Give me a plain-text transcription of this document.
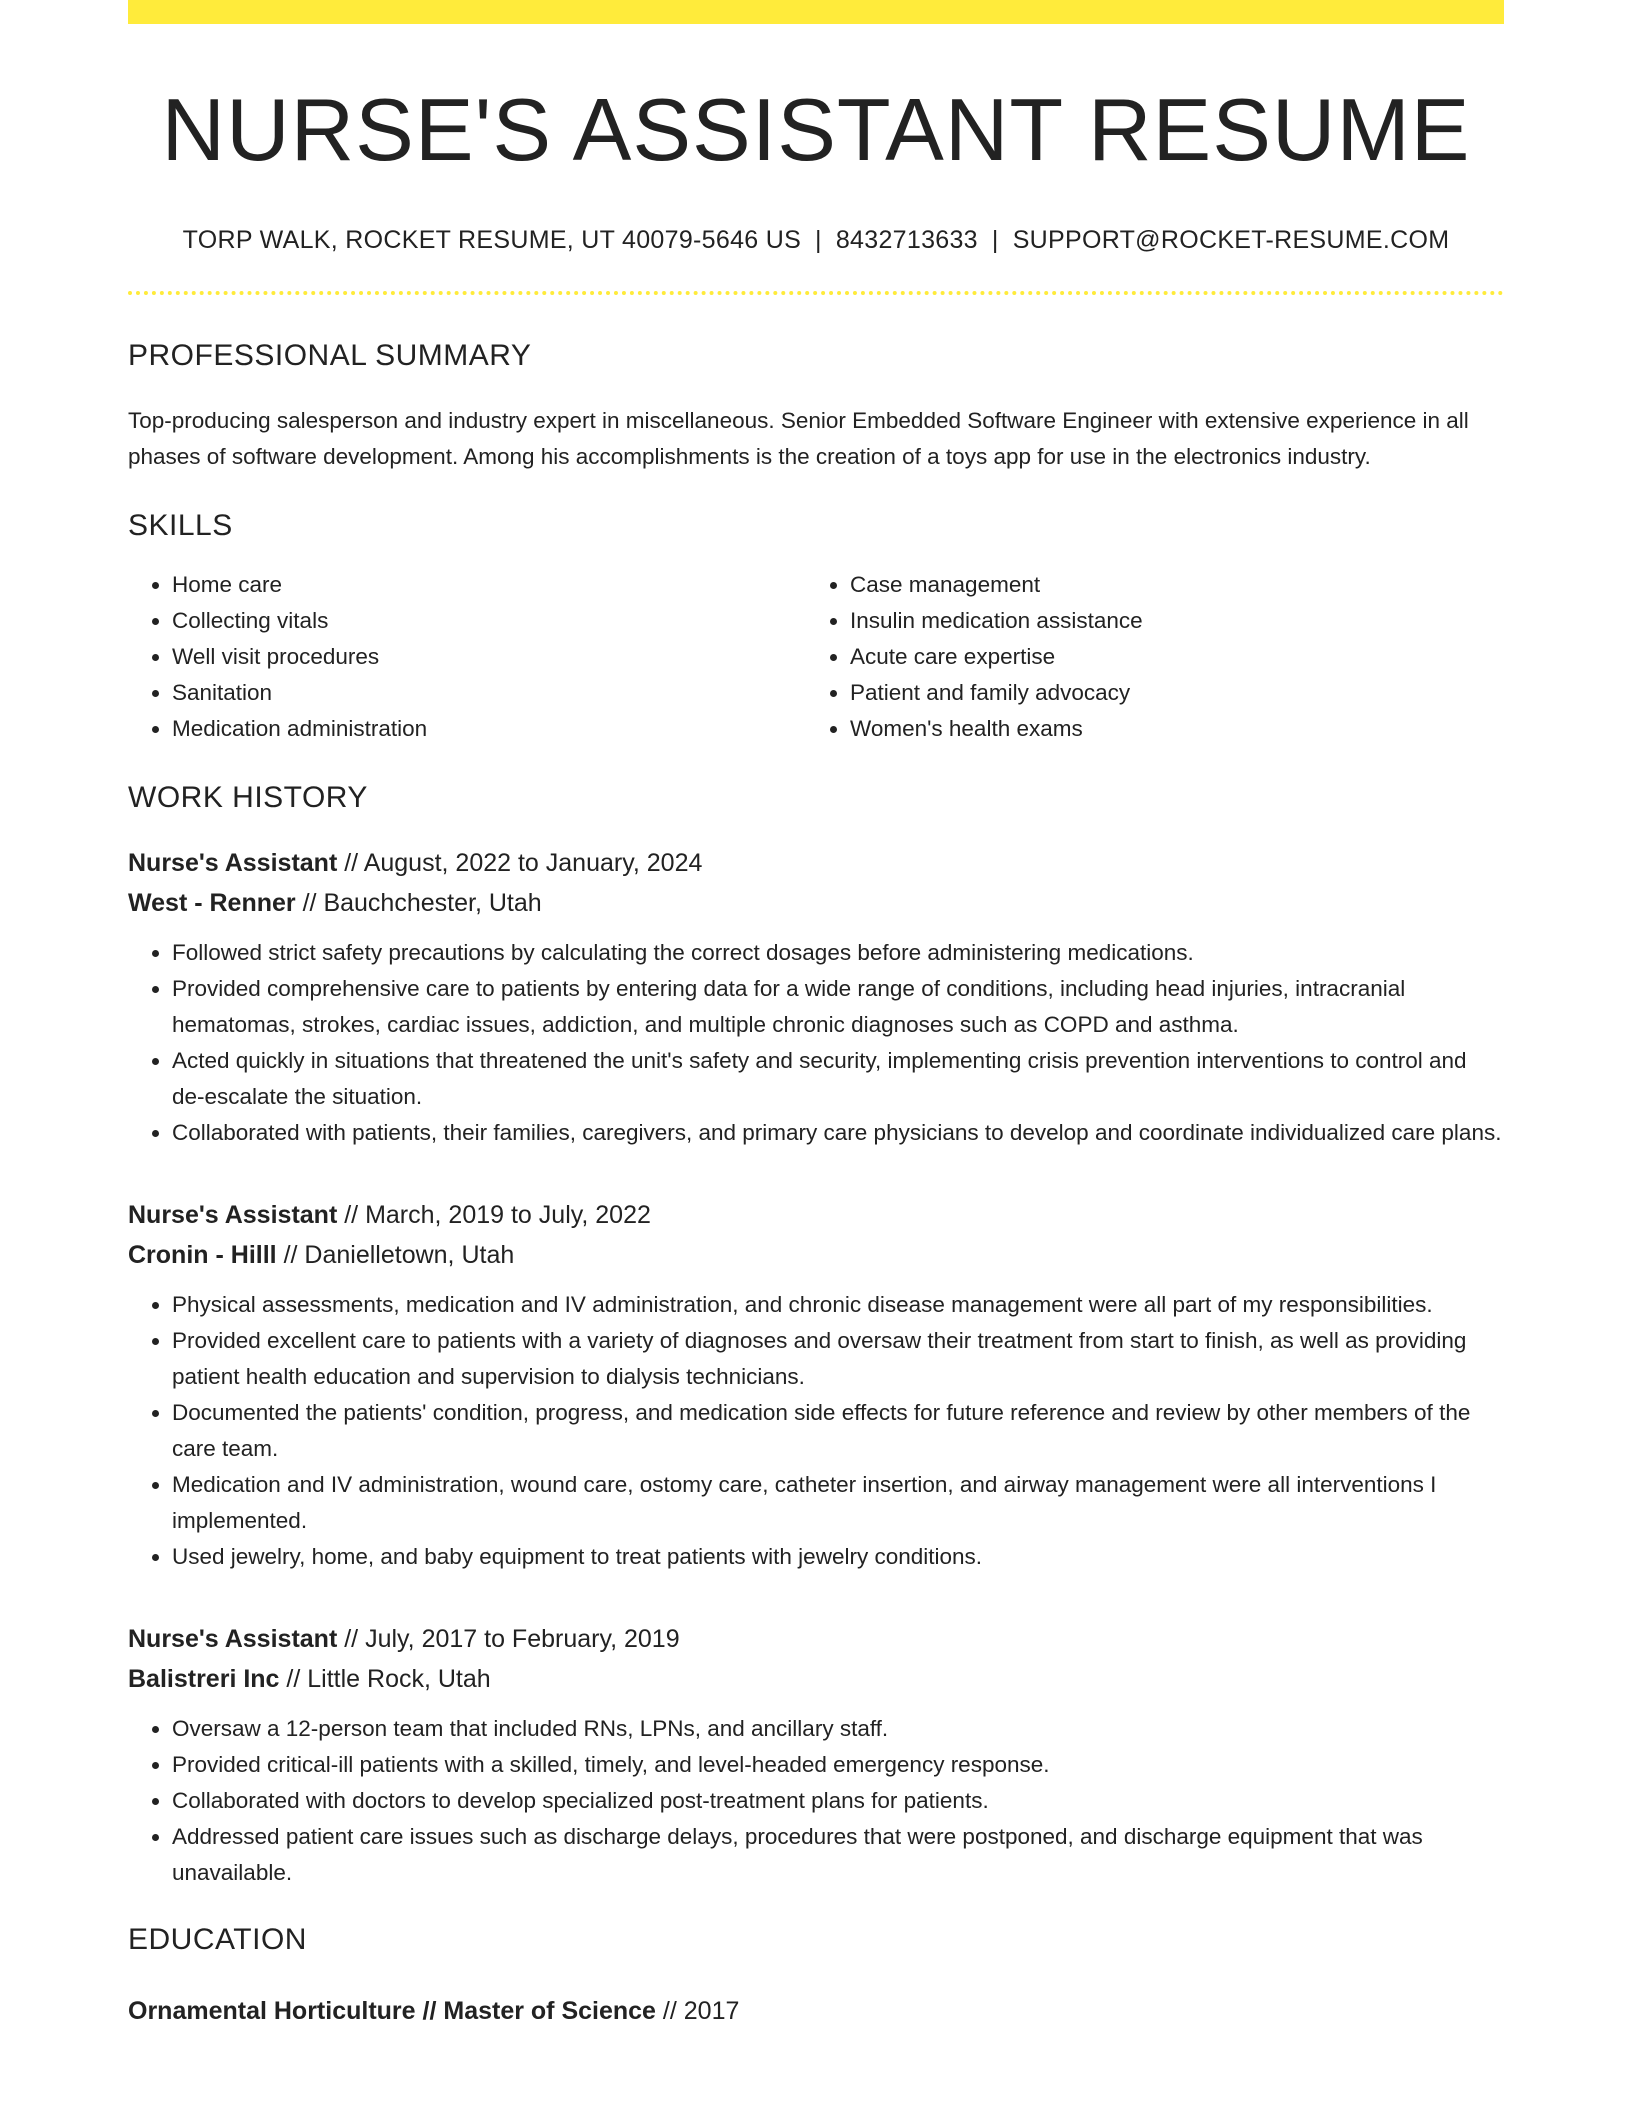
NURSE'S ASSISTANT RESUME
TORP WALK, ROCKET RESUME, UT 40079-5646 US | 8432713633 | SUPPORT@ROCKET-RESUME.COM
PROFESSIONAL SUMMARY
Top-producing salesperson and industry expert in miscellaneous. Senior Embedded Software Engineer with extensive experience in all phases of software development. Among his accomplishments is the creation of a toys app for use in the electronics industry.
SKILLS
• Home care
• Collecting vitals
• Well visit procedures
• Sanitation
• Medication administration
• Case management
• Insulin medication assistance
• Acute care expertise
• Patient and family advocacy
• Women's health exams
WORK HISTORY
Nurse's Assistant // August, 2022 to January, 2024
West - Renner // Bauchchester, Utah
• Followed strict safety precautions by calculating the correct dosages before administering medications.
• Provided comprehensive care to patients by entering data for a wide range of conditions, including head injuries, intracranial hematomas, strokes, cardiac issues, addiction, and multiple chronic diagnoses such as COPD and asthma.
• Acted quickly in situations that threatened the unit's safety and security, implementing crisis prevention interventions to control and de-escalate the situation.
• Collaborated with patients, their families, caregivers, and primary care physicians to develop and coordinate individualized care plans.
Nurse's Assistant // March, 2019 to July, 2022
Cronin - Hilll // Danielletown, Utah
• Physical assessments, medication and IV administration, and chronic disease management were all part of my responsibilities.
• Provided excellent care to patients with a variety of diagnoses and oversaw their treatment from start to finish, as well as providing patient health education and supervision to dialysis technicians.
• Documented the patients' condition, progress, and medication side effects for future reference and review by other members of the care team.
• Medication and IV administration, wound care, ostomy care, catheter insertion, and airway management were all interventions I implemented.
• Used jewelry, home, and baby equipment to treat patients with jewelry conditions.
Nurse's Assistant // July, 2017 to February, 2019
Balistreri Inc // Little Rock, Utah
• Oversaw a 12-person team that included RNs, LPNs, and ancillary staff.
• Provided critical-ill patients with a skilled, timely, and level-headed emergency response.
• Collaborated with doctors to develop specialized post-treatment plans for patients.
• Addressed patient care issues such as discharge delays, procedures that were postponed, and discharge equipment that was unavailable.
EDUCATION
Ornamental Horticulture // Master of Science // 2017
